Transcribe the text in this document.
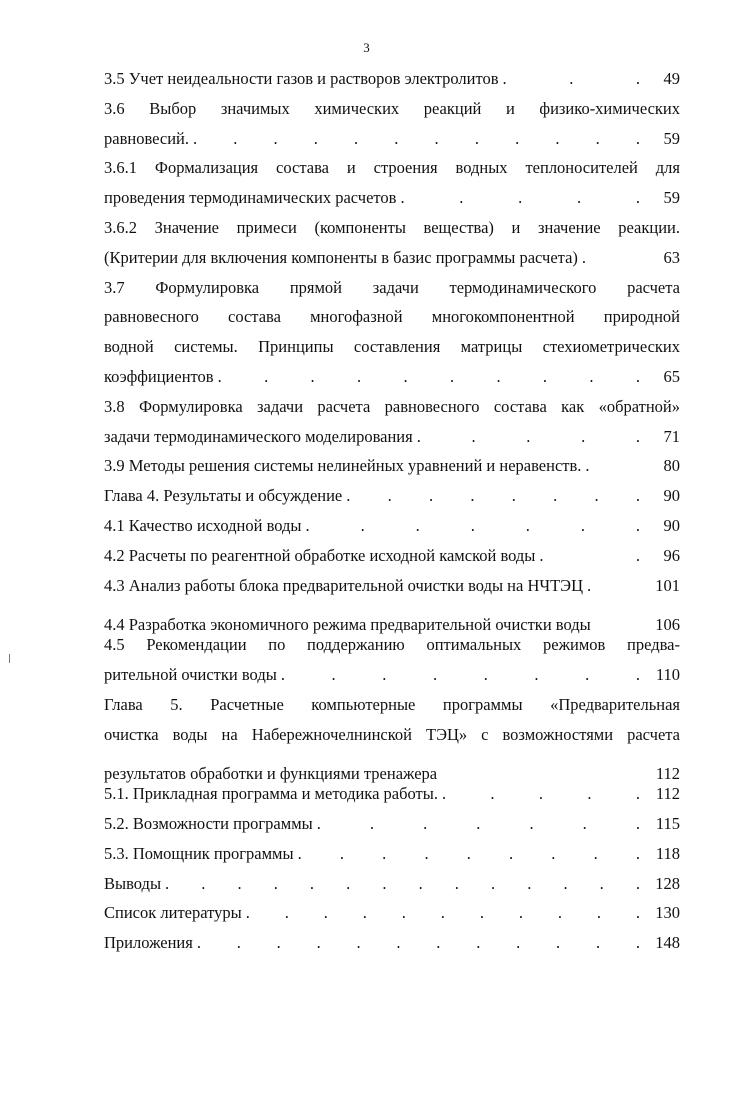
3
3.5 Учет неидеальности газов и растворов электролитов . . .	49
3.6 Выбор значимых химических реакций и физико-химических
равновесий. . . . . . . . . . . . .	59
3.6.1 Формализация состава и строения водных теплоносителей для
проведения термодинамических расчетов . . . . .	59
3.6.2 Значение примеси (компоненты вещества) и значение реакции.
(Критерии для включения компоненты в базис программы расчета) .	63
3.7 Формулировка прямой задачи термодинамического расчета
равновесного состава многофазной многокомпонентной природной
водной системы. Принципы составления матрицы стехиометрических
коэффициентов . . . . . . . . . .	65
3.8 Формулировка задачи расчета равновесного состава как «обратной»
задачи термодинамического моделирования . . . . .	71
3.9 Методы решения системы нелинейных уравнений и неравенств. .	80
Глава 4. Результаты и обсуждение . . . . . . . .	90
4.1 Качество исходной воды . . . . . . .	90
4.2 Расчеты по реагентной обработке исходной камской воды . .	96
4.3 Анализ работы блока предварительной очистки воды на НЧТЭЦ .	101
4.4 Разработка экономичного режима предварительной очистки воды	106
4.5 Рекомендации по поддержанию оптимальных режимов предва-
рительной очистки воды . . . . . . . . 110
Глава 5. Расчетные компьютерные программы «Предварительная
очистка воды на Набережночелнинской ТЭЦ» с возможностями расчета
результатов обработки и функциями тренажера	112
5.1. Прикладная программа и методика работы. . . . . . 112
5.2. Возможности программы . . . . . . . 115
5.3. Помощник программы . . . . . . . . . 118
Выводы . . . . . . . . . . . . . . 128
Список литературы . . . . . . . . . . . 130
Приложения . . . . . . . . . . . . 148
